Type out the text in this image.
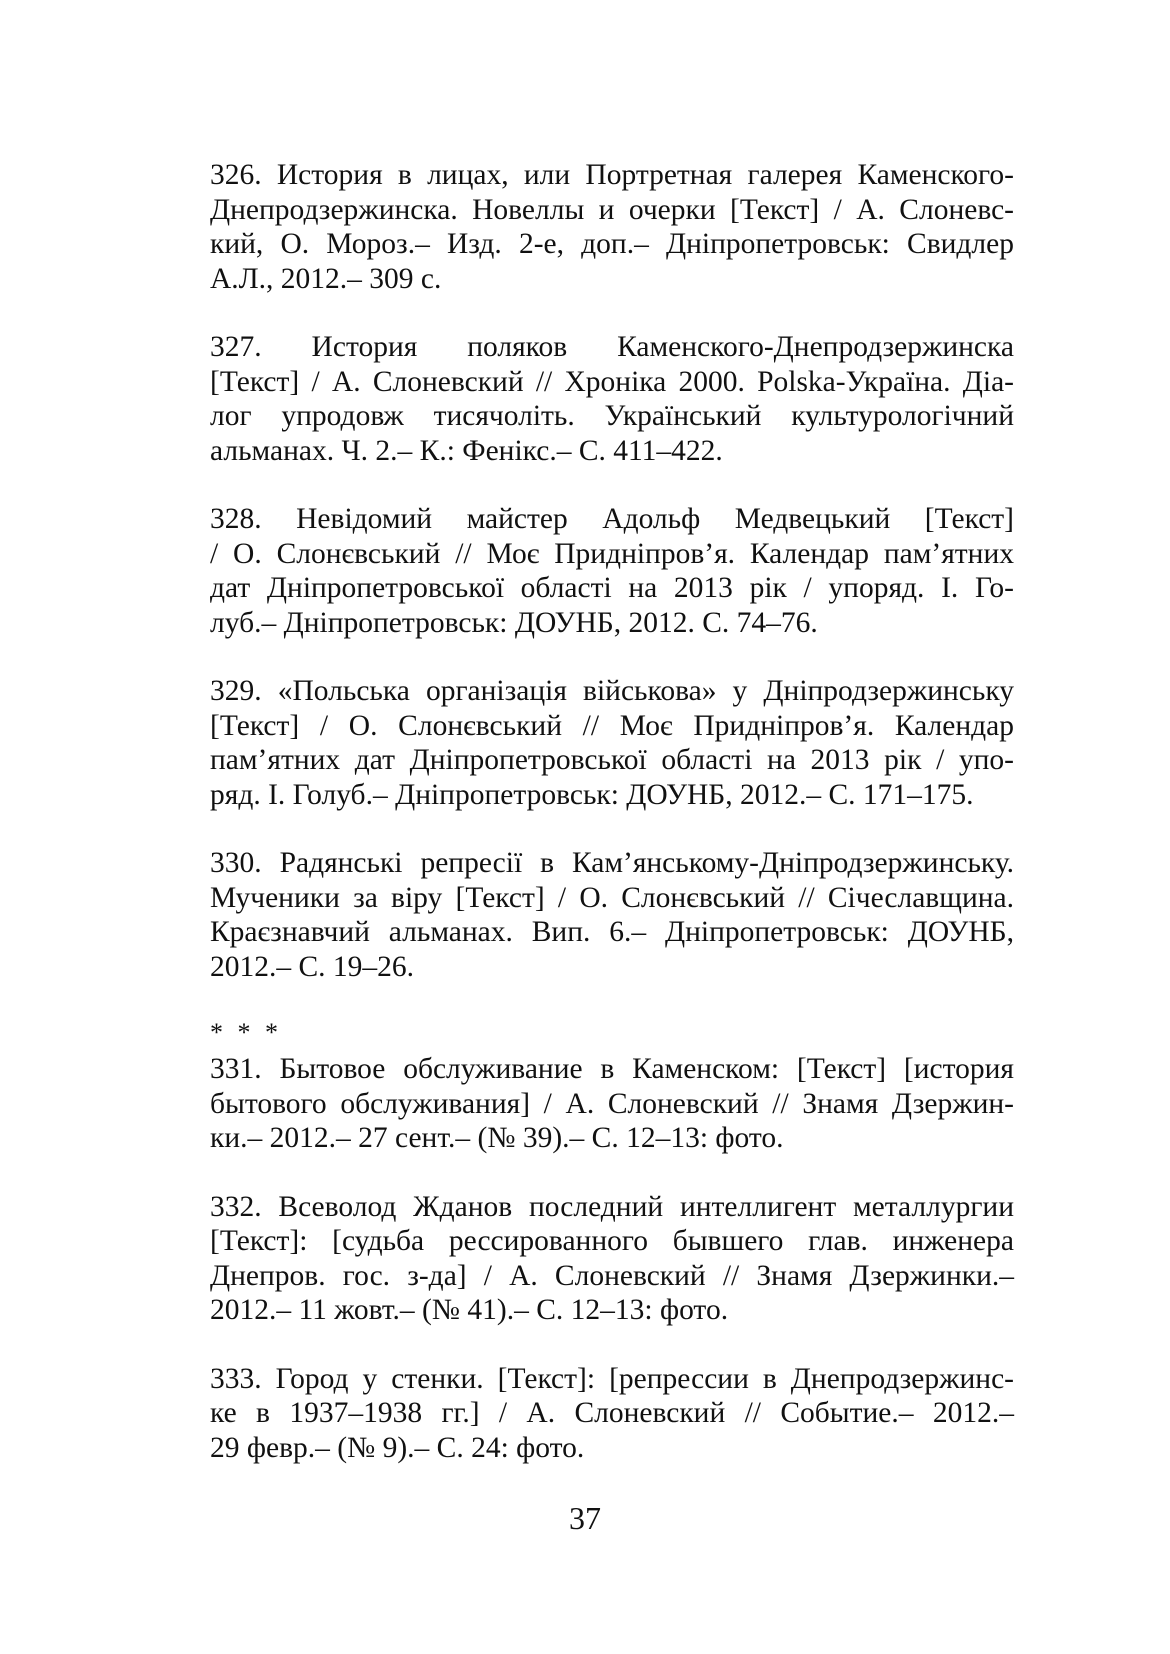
326. История в лицах, или Портретная галерея Каменского-
Днепродзержинска. Новеллы и очерки [Текст] / А. Слоневс-
кий, О. Мороз.– Изд. 2-е, доп.– Дніпропетровськ: Свидлер
А.Л., 2012.– 309 с.

327. История поляков Каменского-Днепродзержинска
[Текст] / А. Слоневский // Хроніка 2000. Polska-Україна. Діа-
лог упродовж тисячоліть. Український культурологічний
альманах. Ч. 2.– К.: Фенікс.– С. 411–422.

328. Невідомий майстер Адольф Медвецький [Текст]
/ О. Слонєвський // Моє Придніпров’я. Календар пам’ятних
дат Дніпропетровської області на 2013 рік / упоряд. І. Го-
луб.– Дніпропетровськ: ДОУНБ, 2012. С. 74–76.

329. «Польська організація військова» у Дніпродзержинську
[Текст] / О. Слонєвський // Моє Придніпров’я. Календар
пам’ятних дат Дніпропетровської області на 2013 рік / упо-
ряд. І. Голуб.– Дніпропетровськ: ДОУНБ, 2012.– С. 171–175.

330. Радянські репресії в Кам’янському-Дніпродзержинську.
Мученики за віру [Текст] / О. Слонєвський // Січеславщина.
Краєзнавчий альманах. Вип. 6.– Дніпропетровськ: ДОУНБ,
2012.– С. 19–26.

* * *

331. Бытовое обслуживание в Каменском: [Текст] [история
бытового обслуживания] / А. Слоневский // Знамя Дзержин-
ки.– 2012.– 27 сент.– (№ 39).– С. 12–13: фото.

332. Всеволод Жданов последний интеллигент металлургии
[Текст]: [судьба рессированного бывшего глав. инженера
Днепров. гос. з-да] / А. Слоневский // Знамя Дзержинки.–
2012.– 11 жовт.– (№ 41).– С. 12–13: фото.

333. Город у стенки. [Текст]: [репрессии в Днепродзержинс-
ке в 1937–1938 гг.] / А. Слоневский // Событие.– 2012.–
29 февр.– (№ 9).– С. 24: фото.

37
